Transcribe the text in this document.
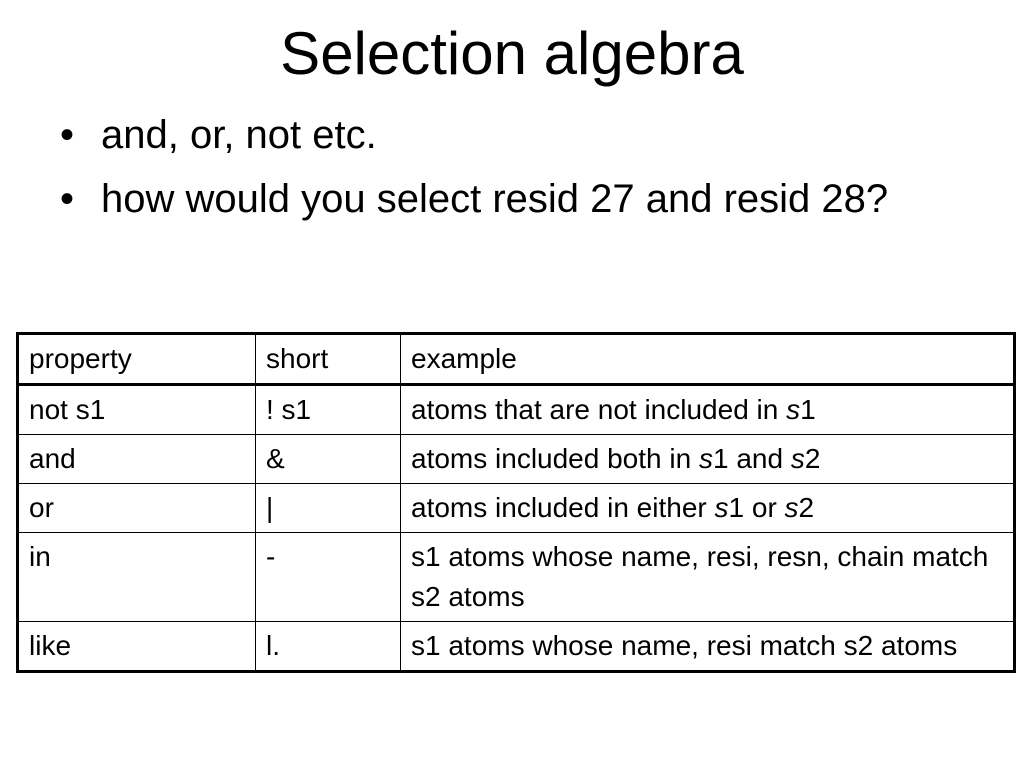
Selection algebra
• and, or, not etc.
• how would you select resid 27 and resid 28?
property	short	example
not s1	! s1	atoms that are not included in s1
and	&	atoms included both in s1 and s2
or	|	atoms included in either s1 or s2
in	-	s1 atoms whose name, resi, resn, chain match s2 atoms
like	l.	s1 atoms whose name, resi match s2 atoms
